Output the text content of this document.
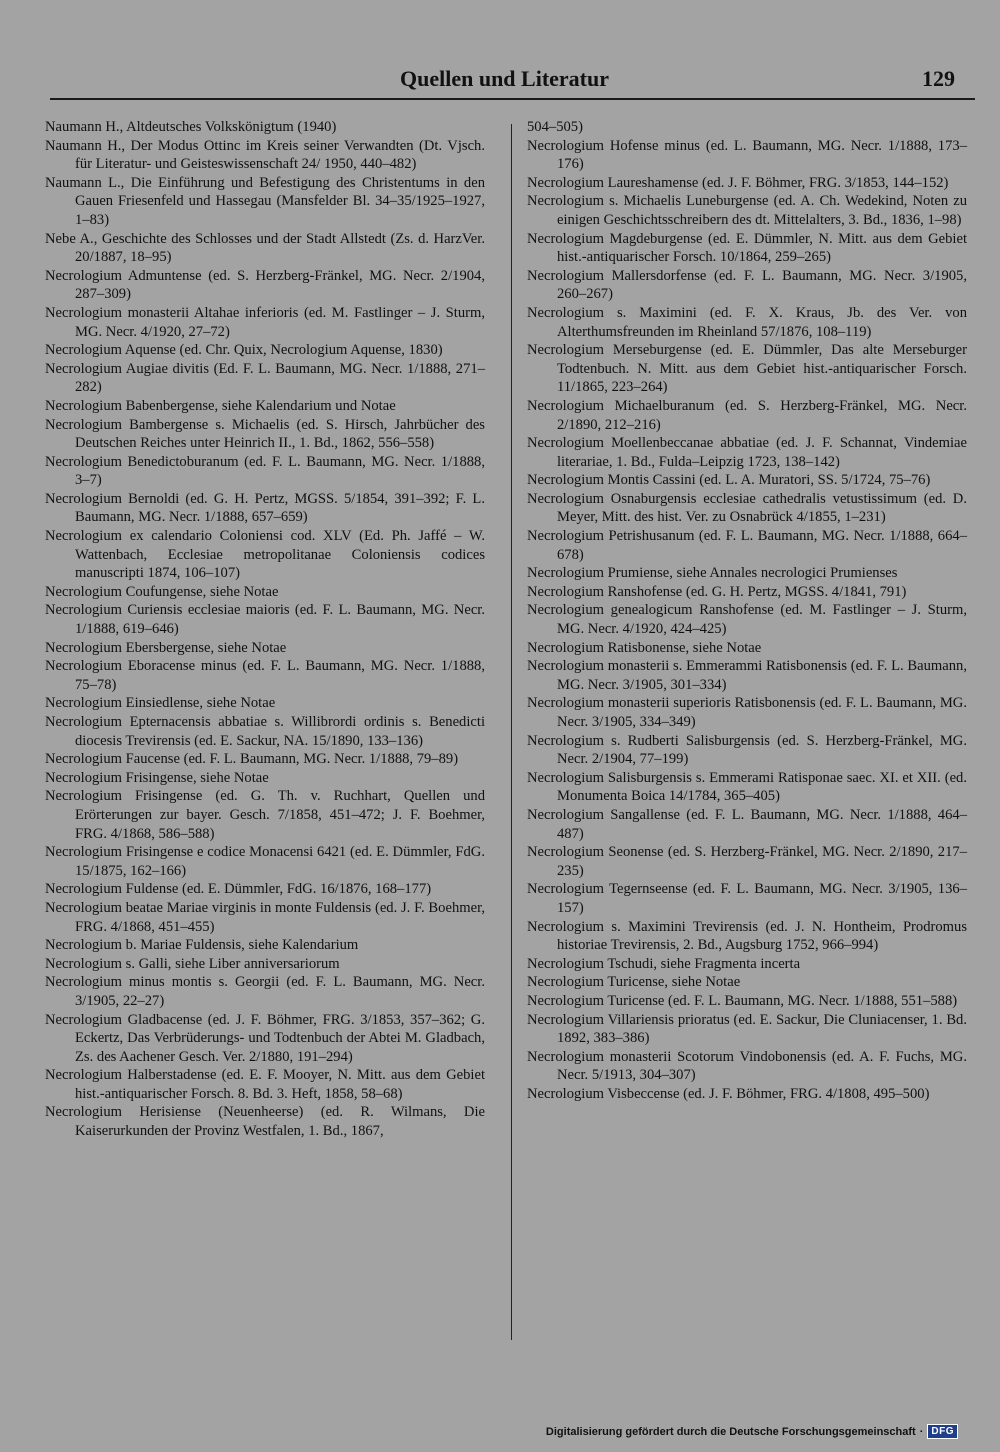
Quellen und Literatur	129

Naumann H., Altdeutsches Volkskönigtum (1940)

Naumann H., Der Modus Ottinc im Kreis seiner Verwandten (Dt. Vjsch. für Literatur- und Geisteswissenschaft 24/ 1950, 440–482)

Naumann L., Die Einführung und Befestigung des Christentums in den Gauen Friesenfeld und Hassegau (Mansfelder Bl. 34–35/1925–1927, 1–83)

Nebe A., Geschichte des Schlosses und der Stadt Allstedt (Zs. d. HarzVer. 20/1887, 18–95)

Necrologium Admuntense (ed. S. Herzberg-Fränkel, MG. Necr. 2/1904, 287–309)

Necrologium monasterii Altahae inferioris (ed. M. Fastlinger – J. Sturm, MG. Necr. 4/1920, 27–72)

Necrologium Aquense (ed. Chr. Quix, Necrologium Aquense, 1830)

Necrologium Augiae divitis (Ed. F. L. Baumann, MG. Necr. 1/1888, 271–282)

Necrologium Babenbergense, siehe Kalendarium und Notae

Necrologium Bambergense s. Michaelis (ed. S. Hirsch, Jahrbücher des Deutschen Reiches unter Heinrich II., 1. Bd., 1862, 556–558)

Necrologium Benedictoburanum (ed. F. L. Baumann, MG. Necr. 1/1888, 3–7)

Necrologium Bernoldi (ed. G. H. Pertz, MGSS. 5/1854, 391–392; F. L. Baumann, MG. Necr. 1/1888, 657–659)

Necrologium ex calendario Coloniensi cod. XLV (Ed. Ph. Jaffé – W. Wattenbach, Ecclesiae metropolitanae Coloniensis codices manuscripti 1874, 106–107)

Necrologium Coufungense, siehe Notae

Necrologium Curiensis ecclesiae maioris (ed. F. L. Baumann, MG. Necr. 1/1888, 619–646)

Necrologium Ebersbergense, siehe Notae

Necrologium Eboracense minus (ed. F. L. Baumann, MG. Necr. 1/1888, 75–78)

Necrologium Einsiedlense, siehe Notae

Necrologium Epternacensis abbatiae s. Willibrordi ordinis s. Benedicti diocesis Trevirensis (ed. E. Sackur, NA. 15/1890, 133–136)

Necrologium Faucense (ed. F. L. Baumann, MG. Necr. 1/1888, 79–89)

Necrologium Frisingense, siehe Notae

Necrologium Frisingense (ed. G. Th. v. Ruchhart, Quellen und Erörterungen zur bayer. Gesch. 7/1858, 451–472; J. F. Boehmer, FRG. 4/1868, 586–588)

Necrologium Frisingense e codice Monacensi 6421 (ed. E. Dümmler, FdG. 15/1875, 162–166)

Necrologium Fuldense (ed. E. Dümmler, FdG. 16/1876, 168–177)

Necrologium beatae Mariae virginis in monte Fuldensis (ed. J. F. Boehmer, FRG. 4/1868, 451–455)

Necrologium b. Mariae Fuldensis, siehe Kalendarium

Necrologium s. Galli, siehe Liber anniversariorum

Necrologium minus montis s. Georgii (ed. F. L. Baumann, MG. Necr. 3/1905, 22–27)

Necrologium Gladbacense (ed. J. F. Böhmer, FRG. 3/1853, 357–362; G. Eckertz, Das Verbrüderungs- und Todtenbuch der Abtei M. Gladbach, Zs. des Aachener Gesch. Ver. 2/1880, 191–294)

Necrologium Halberstadense (ed. E. F. Mooyer, N. Mitt. aus dem Gebiet hist.-antiquarischer Forsch. 8. Bd. 3. Heft, 1858, 58–68)

Necrologium Herisiense (Neuenheerse) (ed. R. Wilmans, Die Kaiserurkunden der Provinz Westfalen, 1. Bd., 1867,

504–505)

Necrologium Hofense minus (ed. L. Baumann, MG. Necr. 1/1888, 173–176)

Necrologium Laureshamense (ed. J. F. Böhmer, FRG. 3/1853, 144–152)

Necrologium s. Michaelis Luneburgense (ed. A. Ch. Wedekind, Noten zu einigen Geschichtsschreibern des dt. Mittelalters, 3. Bd., 1836, 1–98)

Necrologium Magdeburgense (ed. E. Dümmler, N. Mitt. aus dem Gebiet hist.-antiquarischer Forsch. 10/1864, 259–265)

Necrologium Mallersdorfense (ed. F. L. Baumann, MG. Necr. 3/1905, 260–267)

Necrologium s. Maximini (ed. F. X. Kraus, Jb. des Ver. von Alterthumsfreunden im Rheinland 57/1876, 108–119)

Necrologium Merseburgense (ed. E. Dümmler, Das alte Merseburger Todtenbuch. N. Mitt. aus dem Gebiet hist.-antiquarischer Forsch. 11/1865, 223–264)

Necrologium Michaelburanum (ed. S. Herzberg-Fränkel, MG. Necr. 2/1890, 212–216)

Necrologium Moellenbeccanae abbatiae (ed. J. F. Schannat, Vindemiae literariae, 1. Bd., Fulda–Leipzig 1723, 138–142)

Necrologium Montis Cassini (ed. L. A. Muratori, SS. 5/1724, 75–76)

Necrologium Osnaburgensis ecclesiae cathedralis vetustissimum (ed. D. Meyer, Mitt. des hist. Ver. zu Osnabrück 4/1855, 1–231)

Necrologium Petrishusanum (ed. F. L. Baumann, MG. Necr. 1/1888, 664–678)

Necrologium Prumiense, siehe Annales necrologici Prumienses

Necrologium Ranshofense (ed. G. H. Pertz, MGSS. 4/1841, 791)

Necrologium genealogicum Ranshofense (ed. M. Fastlinger – J. Sturm, MG. Necr. 4/1920, 424–425)

Necrologium Ratisbonense, siehe Notae

Necrologium monasterii s. Emmerammi Ratisbonensis (ed. F. L. Baumann, MG. Necr. 3/1905, 301–334)

Necrologium monasterii superioris Ratisbonensis (ed. F. L. Baumann, MG. Necr. 3/1905, 334–349)

Necrologium s. Rudberti Salisburgensis (ed. S. Herzberg-Fränkel, MG. Necr. 2/1904, 77–199)

Necrologium Salisburgensis s. Emmerami Ratisponae saec. XI. et XII. (ed. Monumenta Boica 14/1784, 365–405)

Necrologium Sangallense (ed. F. L. Baumann, MG. Necr. 1/1888, 464–487)

Necrologium Seonense (ed. S. Herzberg-Fränkel, MG. Necr. 2/1890, 217–235)

Necrologium Tegernseense (ed. F. L. Baumann, MG. Necr. 3/1905, 136–157)

Necrologium s. Maximini Trevirensis (ed. J. N. Hontheim, Prodromus historiae Trevirensis, 2. Bd., Augsburg 1752, 966–994)

Necrologium Tschudi, siehe Fragmenta incerta

Necrologium Turicense, siehe Notae

Necrologium Turicense (ed. F. L. Baumann, MG. Necr. 1/1888, 551–588)

Necrologium Villariensis prioratus (ed. E. Sackur, Die Cluniacenser, 1. Bd. 1892, 383–386)

Necrologium monasterii Scotorum Vindobonensis (ed. A. F. Fuchs, MG. Necr. 5/1913, 304–307)

Necrologium Visbeccense (ed. J. F. Böhmer, FRG. 4/1808, 495–500)

Digitalisierung gefördert durch die Deutsche Forschungsgemeinschaft · DFG
